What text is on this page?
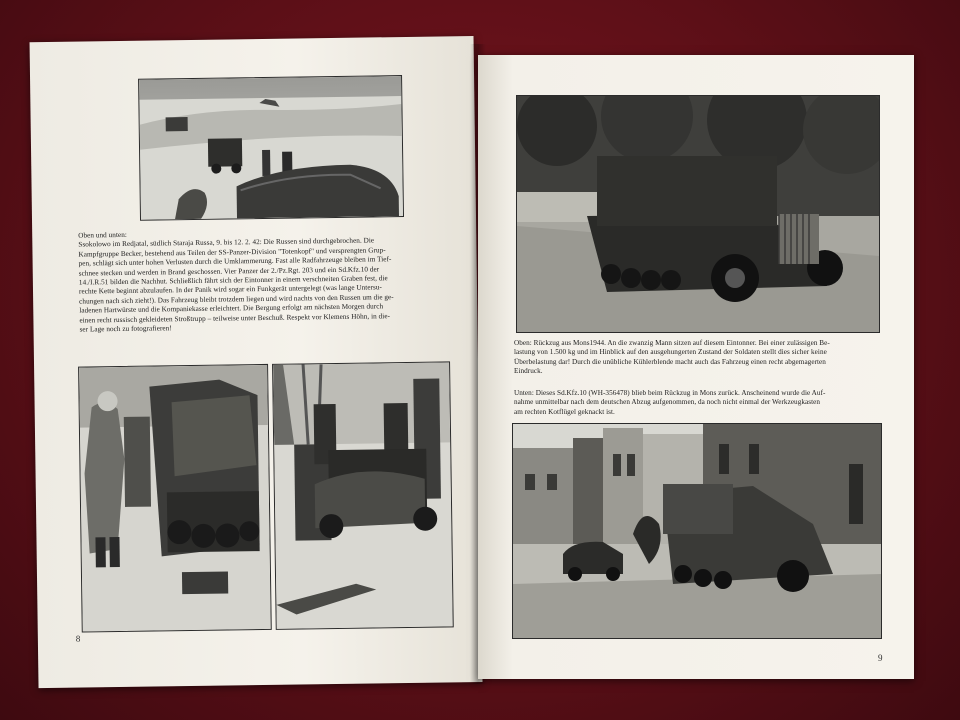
Oben und unten:
Ssokolowo im Redjatal, südlich Staraja Russa, 9. bis 12. 2. 42: Die Russen sind durchgebrochen. Die
Kampfgruppe Becker, bestehend aus Teilen der SS-Panzer-Division "Totenkopf" und versprengten Grup-
pen, schlägt sich unter hohen Verlusten durch die Umklammerung. Fast alle Radfahrzeuge bleiben im Tief-
schnee stecken und werden in Brand geschossen. Vier Panzer der 2./Pz.Rgt. 203 und ein Sd.Kfz.10 der
14./I.R.51 bilden die Nachhut. Schließlich fährt sich der Eintonner in einem verschneiten Graben fest, die
rechte Kette beginnt abzulaufen. In der Panik wird sogar ein Funkgerät untergelegt (was lange Untersu-
chungen nach sich zieht!). Das Fahrzeug bleibt trotzdem liegen und wird nachts von den Russen um die ge-
ladenen Hartwürste und die Kompaniekasse erleichtert. Die Bergung erfolgt am nächsten Morgen durch
einen recht russisch gekleideten Stroßtrupp – teilweise unter Beschuß. Respekt vor Klemens Höhn, in die-
ser Lage noch zu fotografieren!
8
Oben: Rückzug aus Mons1944. An die zwanzig Mann sitzen auf diesem Eintonner. Bei einer zulässigen Be-
lastung von 1.500 kg und im Hinblick auf den ausgehungerten Zustand der Soldaten stellt dies sicher keine
Überbelastung dar! Durch die unübliche Kühlerblende macht auch das Fahrzeug einen recht abgemagerten
Eindruck.
Unten: Dieses Sd.Kfz.10 (WH-356478) blieb beim Rückzug in Mons zurück. Anscheinend wurde die Auf-
nahme unmittelbar nach dem deutschen Abzug aufgenommen, da noch nicht einmal der Werkzeugkasten
am rechten Kotflügel geknackt ist.
9
